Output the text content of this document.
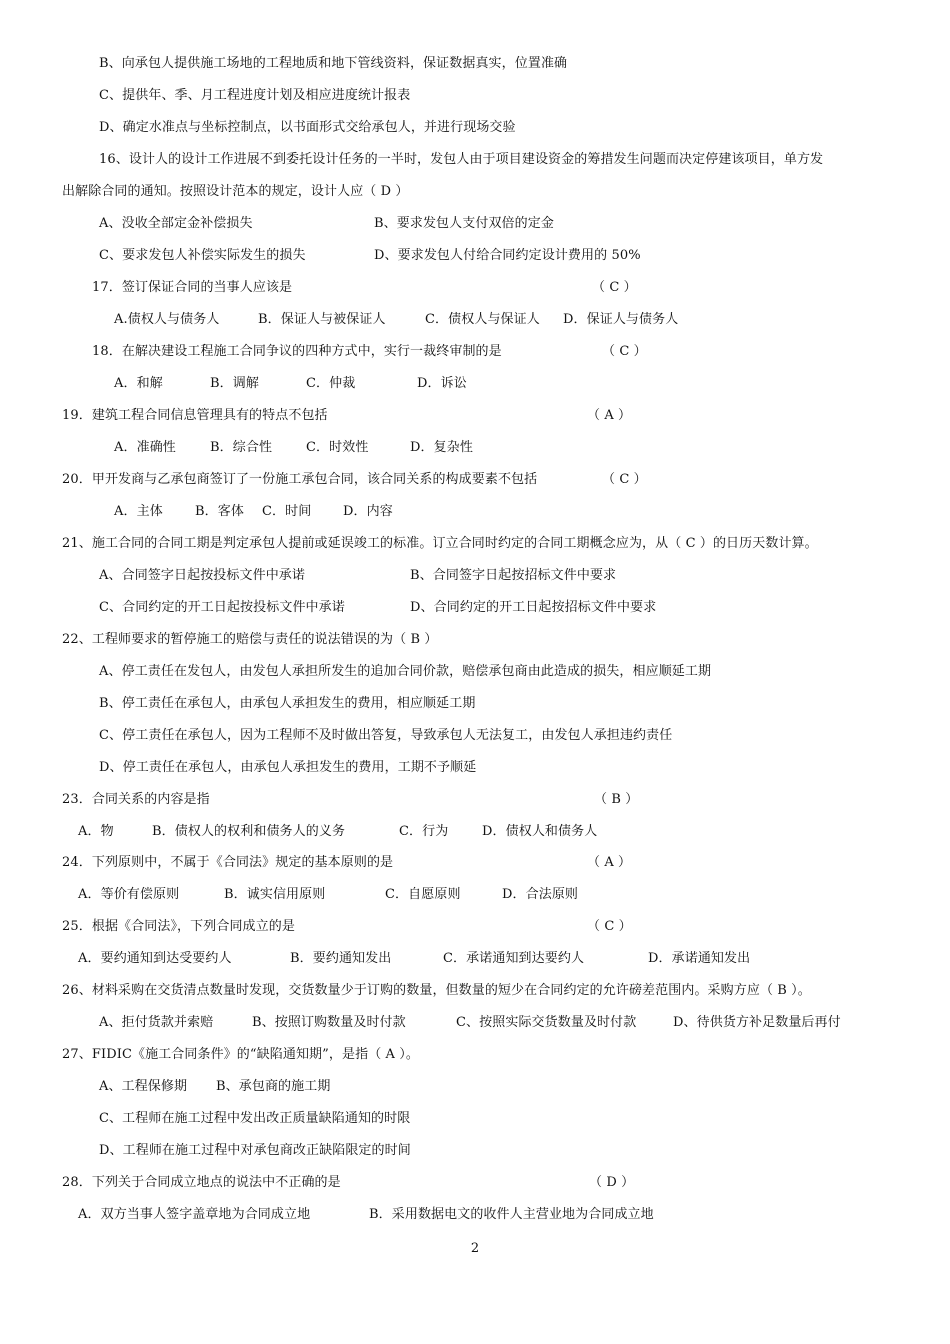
B、向承包人提供施工场地的工程地质和地下管线资料，保证数据真实，位置准确
C、提供年、季、月工程进度计划及相应进度统计报表
D、确定水准点与坐标控制点，以书面形式交给承包人，并进行现场交验
16、设计人的设计工作进展不到委托设计任务的一半时，发包人由于项目建设资金的筹措发生问题而决定停建该项目，单方发
出解除合同的通知。按照设计范本的规定，设计人应（ D ）
A、没收全部定金补偿损失	B、要求发包人支付双倍的定金
C、要求发包人补偿实际发生的损失	D、要求发包人付给合同约定设计费用的 50%
17．签订保证合同的当事人应该是	（ C ）
A.债权人与债务人	B．保证人与被保证人	C．债权人与保证人 D．保证人与债务人
18．在解决建设工程施工合同争议的四种方式中，实行一裁终审制的是	（ C ）
A．和解	B．调解	C．仲裁	D．诉讼
19．建筑工程合同信息管理具有的特点不包括	（ A ）
A．准确性	B．综合性	C．时效性	D．复杂性
20．甲开发商与乙承包商签订了一份施工承包合同，该合同关系的构成要素不包括	（ C ）
A．主体 B．客体 C．时间 D．内容
21、施工合同的合同工期是判定承包人提前或延误竣工的标准。订立合同时约定的合同工期概念应为，从（ C ）的日历天数计算。
A、合同签字日起按投标文件中承诺	B、合同签字日起按招标文件中要求
C、合同约定的开工日起按投标文件中承诺	D、合同约定的开工日起按招标文件中要求
22、工程师要求的暂停施工的赔偿与责任的说法错误的为（ B ）
A、停工责任在发包人，由发包人承担所发生的追加合同价款，赔偿承包商由此造成的损失，相应顺延工期
B、停工责任在承包人，由承包人承担发生的费用，相应顺延工期
C、停工责任在承包人，因为工程师不及时做出答复，导致承包人无法复工，由发包人承担违约责任
D、停工责任在承包人，由承包人承担发生的费用，工期不予顺延
23．合同关系的内容是指	（ B ）
A．物	B．债权人的权利和债务人的义务	C．行为	D．债权人和债务人
24．下列原则中，不属于《合同法》规定的基本原则的是	（ A ）
A．等价有偿原则	B．诚实信用原则	C．自愿原则	D．合法原则
25．根据《合同法》，下列合同成立的是	（ C ）
A．要约通知到达受要约人	B．要约通知发出	C．承诺通知到达要约人	D．承诺通知发出
26、材料采购在交货清点数量时发现，交货数量少于订购的数量，但数量的短少在合同约定的允许磅差范围内。采购方应（ B ）。
A、拒付货款并索赔	B、按照订购数量及时付款	C、按照实际交货数量及时付款	D、待供货方补足数量后再付
27、FIDIC《施工合同条件》的“缺陷通知期”，是指（ A ）。
A、工程保修期 B、承包商的施工期
C、工程师在施工过程中发出改正质量缺陷通知的时限
D、工程师在施工过程中对承包商改正缺陷限定的时间
28．下列关于合同成立地点的说法中不正确的是	（ D ）
A．双方当事人签字盖章地为合同成立地	B．采用数据电文的收件人主营业地为合同成立地
2
